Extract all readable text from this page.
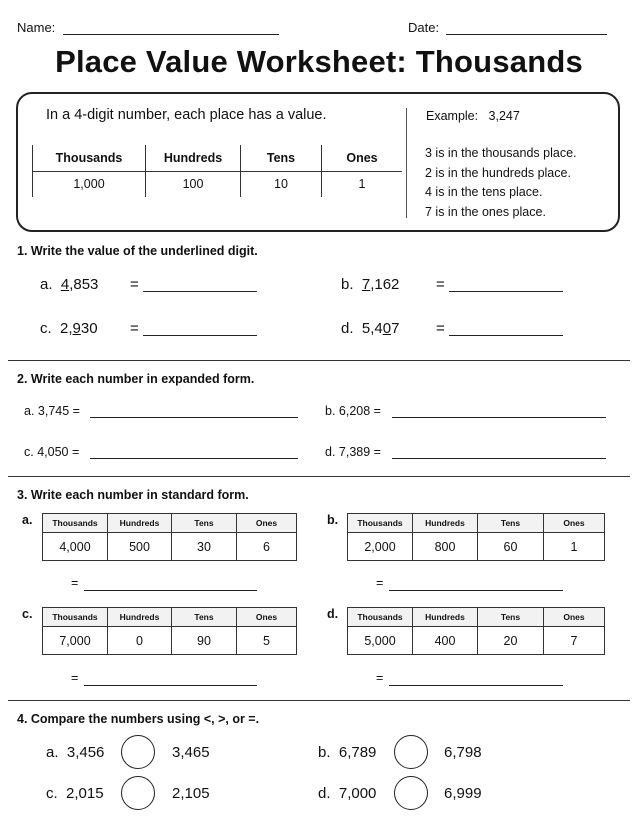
Name:	Date:
Place Value Worksheet: Thousands
In a 4-digit number, each place has a value.
Thousands	Hundreds	Tens	Ones
1,000	100	10	1
Example: 3,247
3 is in the thousands place.
2 is in the hundreds place.
4 is in the tens place.
7 is in the ones place.
1. Write the value of the underlined digit.
a. 4,853 =	b. 7,162 =
c. 2,930 =	d. 5,407 =
2. Write each number in expanded form.
a. 3,745 =	b. 6,208 =
c. 4,050 =	d. 7,389 =
3. Write each number in standard form.
a. Thousands	Hundreds	Tens	Ones
4,000	500	30	6
=
b. Thousands	Hundreds	Tens	Ones
2,000	800	60	1
=
c. Thousands	Hundreds	Tens	Ones
7,000	0	90	5
=
d. Thousands	Hundreds	Tens	Ones
5,000	400	20	7
=
4. Compare the numbers using <, >, or =.
a. 3,456	3,465	b. 6,789	6,798
c. 2,015	2,105	d. 7,000	6,999
